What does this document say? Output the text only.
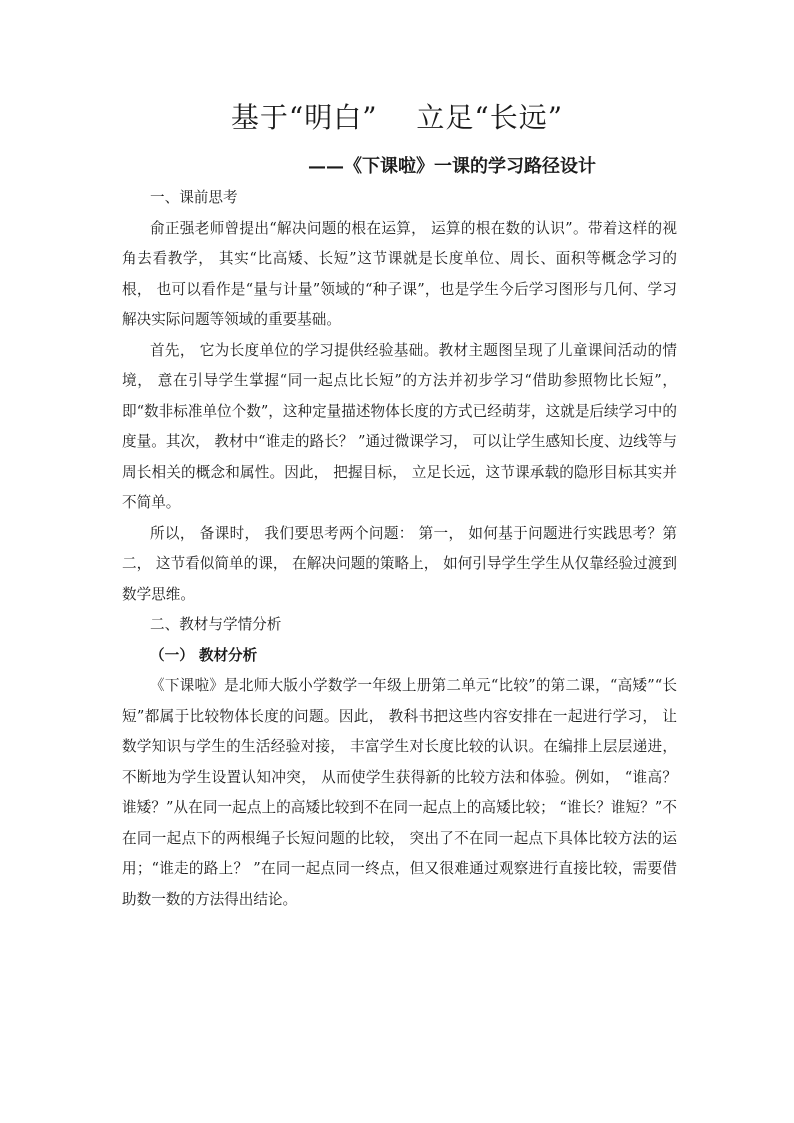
基于“明白”　 立足“长远”
——《下课啦》一课的学习路径设计

一、课前思考

俞正强老师曾提出“解决问题的根在运算， 运算的根在数的认识”。带着这样的视角去看教学， 其实“比高矮、长短”这节课就是长度单位、周长、面积等概念学习的根， 也可以看作是“量与计量”领域的“种子课”，也是学生今后学习图形与几何、学习解决实际问题等领域的重要基础。

首先， 它为长度单位的学习提供经验基础。教材主题图呈现了儿童课间活动的情境， 意在引导学生掌握“同一起点比长短”的方法并初步学习“借助参照物比长短”，即“数非标准单位个数”，这种定量描述物体长度的方式已经萌芽，这就是后续学习中的度量。其次， 教材中“谁走的路长？ ”通过微课学习， 可以让学生感知长度、边线等与周长相关的概念和属性。因此， 把握目标， 立足长远，这节课承载的隐形目标其实并不简单。

所以， 备课时， 我们要思考两个问题： 第一， 如何基于问题进行实践思考？第二， 这节看似简单的课， 在解决问题的策略上， 如何引导学生学生从仅靠经验过渡到数学思维。

二、教材与学情分析

（一） 教材分析

《下课啦》是北师大版小学数学一年级上册第二单元“比较”的第二课，“高矮”“长短”都属于比较物体长度的问题。因此， 教科书把这些内容安排在一起进行学习， 让数学知识与学生的生活经验对接， 丰富学生对长度比较的认识。在编排上层层递进， 不断地为学生设置认知冲突， 从而使学生获得新的比较方法和体验。例如， “谁高？谁矮？”从在同一起点上的高矮比较到不在同一起点上的高矮比较； “谁长？谁短？”不在同一起点下的两根绳子长短问题的比较， 突出了不在同一起点下具体比较方法的运用；“谁走的路上？ ”在同一起点同一终点，但又很难通过观察进行直接比较，需要借助数一数的方法得出结论。
